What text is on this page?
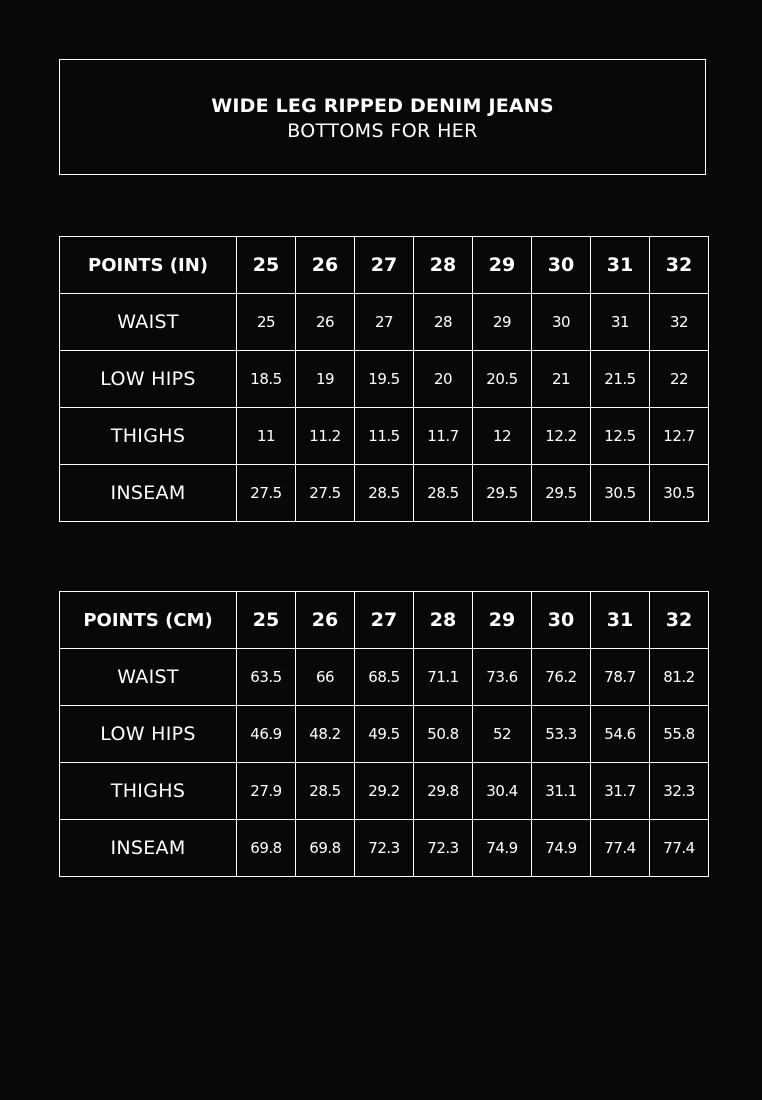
WIDE LEG RIPPED DENIM JEANS
BOTTOMS FOR HER
POINTS (IN)	25	26	27	28	29	30	31	32
WAIST	25	26	27	28	29	30	31	32
LOW HIPS	18.5	19	19.5	20	20.5	21	21.5	22
THIGHS	11	11.2	11.5	11.7	12	12.2	12.5	12.7
INSEAM	27.5	27.5	28.5	28.5	29.5	29.5	30.5	30.5
POINTS (CM)	25	26	27	28	29	30	31	32
WAIST	63.5	66	68.5	71.1	73.6	76.2	78.7	81.2
LOW HIPS	46.9	48.2	49.5	50.8	52	53.3	54.6	55.8
THIGHS	27.9	28.5	29.2	29.8	30.4	31.1	31.7	32.3
INSEAM	69.8	69.8	72.3	72.3	74.9	74.9	77.4	77.4
